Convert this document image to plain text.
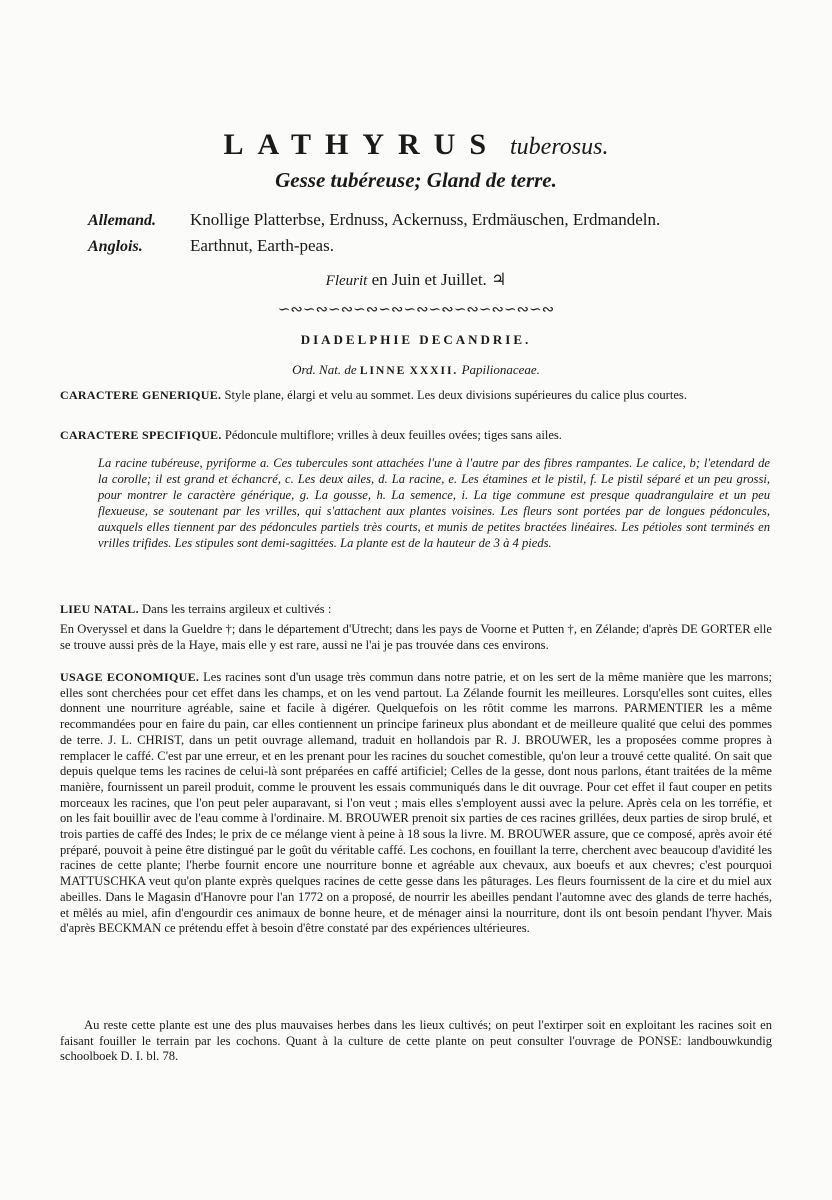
LATHYRUS tuberosus.
Gesse tubéreuse; Gland de terre.
Allemand. Knollige Platterbse, Erdnuss, Ackernuss, Erdmäuschen, Erdmandeln.
Anglois.	Earthnut, Earth-peas.
Fleurit en Juin et Juillet. ♃
∽∾∽∾∽∾∽∾∽∾∽∾∽∾∽∾∽∾∽∾∽∾
DIADELPHIE DECANDRIE.
Ord. Nat. de LINNE XXXII. Papilionaceae.
CARACTERE GENERIQUE. Style plane, élargi et velu au sommet. Les deux divisions supérieures du calice plus courtes.
CARACTERE SPECIFIQUE. Pédoncule multiflore; vrilles à deux feuilles ovées; tiges sans ailes.
La racine tubéreuse, pyriforme a. Ces tubercules sont attachées l'une à l'autre par des fibres rampantes. Le calice, b; l'etendard de la corolle; il est grand et échancré, c. Les deux ailes, d. La racine, e. Les étamines et le pistil, f. Le pistil séparé et un peu grossi, pour montrer le caractère générique, g. La gousse, h. La semence, i. La tige commune est presque quadrangulaire et un peu flexueuse, se soutenant par les vrilles, qui s'attachent aux plantes voisines. Les fleurs sont portées par de longues pédoncules, auxquels elles tiennent par des pédoncules partiels très courts, et munis de petites bractées linéaires. Les pétioles sont terminés en vrilles trifides. Les stipules sont demi-sagittées. La plante est de la hauteur de 3 à 4 pieds.
LIEU NATAL. Dans les terrains argileux et cultivés :
En Overyssel et dans la Gueldre †; dans le département d'Utrecht; dans les pays de Voorne et Putten †, en Zélande; d'après DE GORTER elle se trouve aussi près de la Haye, mais elle y est rare, aussi ne l'ai je pas trouvée dans ces environs.
USAGE ECONOMIQUE. Les racines sont d'un usage très commun dans notre patrie, et on les sert de la même manière que les marrons; elles sont cherchées pour cet effet dans les champs, et on les vend partout. La Zélande fournit les meilleures. Lorsqu'elles sont cuites, elles donnent une nourriture agréable, saine et facile à digérer. Quelquefois on les rôtit comme les marrons. PARMENTIER les a même recommandées pour en faire du pain, car elles contiennent un principe farineux plus abondant et de meilleure qualité que celui des pommes de terre. J. L. CHRIST, dans un petit ouvrage allemand, traduit en hollandois par R. J. BROUWER, les a proposées comme propres à remplacer le caffé. C'est par une erreur, et en les prenant pour les racines du souchet comestible, qu'on leur a trouvé cette qualité. On sait que depuis quelque tems les racines de celui-là sont préparées en caffé artificiel; Celles de la gesse, dont nous parlons, étant traitées de la même manière, fournissent un pareil produit, comme le prouvent les essais communiqués dans le dit ouvrage. Pour cet effet il faut couper en petits morceaux les racines, que l'on peut peler auparavant, si l'on veut ; mais elles s'employent aussi avec la pelure. Après cela on les torréfie, et on les fait bouillir avec de l'eau comme à l'ordinaire. M. BROUWER prenoit six parties de ces racines grillées, deux parties de sirop brulé, et trois parties de caffé des Indes; le prix de ce mélange vient à peine à 18 sous la livre. M. BROUWER assure, que ce composé, après avoir été préparé, pouvoit à peine être distingué par le goût du véritable caffé. Les cochons, en fouillant la terre, cherchent avec beaucoup d'avidité les racines de cette plante; l'herbe fournit encore une nourriture bonne et agréable aux chevaux, aux boeufs et aux chevres; c'est pourquoi MATTUSCHKA veut qu'on plante exprès quelques racines de cette gesse dans les pâturages. Les fleurs fournissent de la cire et du miel aux abeilles. Dans le Magasin d'Hanovre pour l'an 1772 on a proposé, de nourrir les abeilles pendant l'automne avec des glands de terre hachés, et mêlés au miel, afin d'engourdir ces animaux de bonne heure, et de ménager ainsi la nourriture, dont ils ont besoin pendant l'hyver. Mais d'après BECKMAN ce prétendu effet à besoin d'être constaté par des expériences ultérieures.
Au reste cette plante est une des plus mauvaises herbes dans les lieux cultivés; on peut l'extirper soit en exploitant les racines soit en faisant fouiller le terrain par les cochons. Quant à la culture de cette plante on peut consulter l'ouvrage de PONSE: landbouwkundig schoolboek D. I. bl. 78.
